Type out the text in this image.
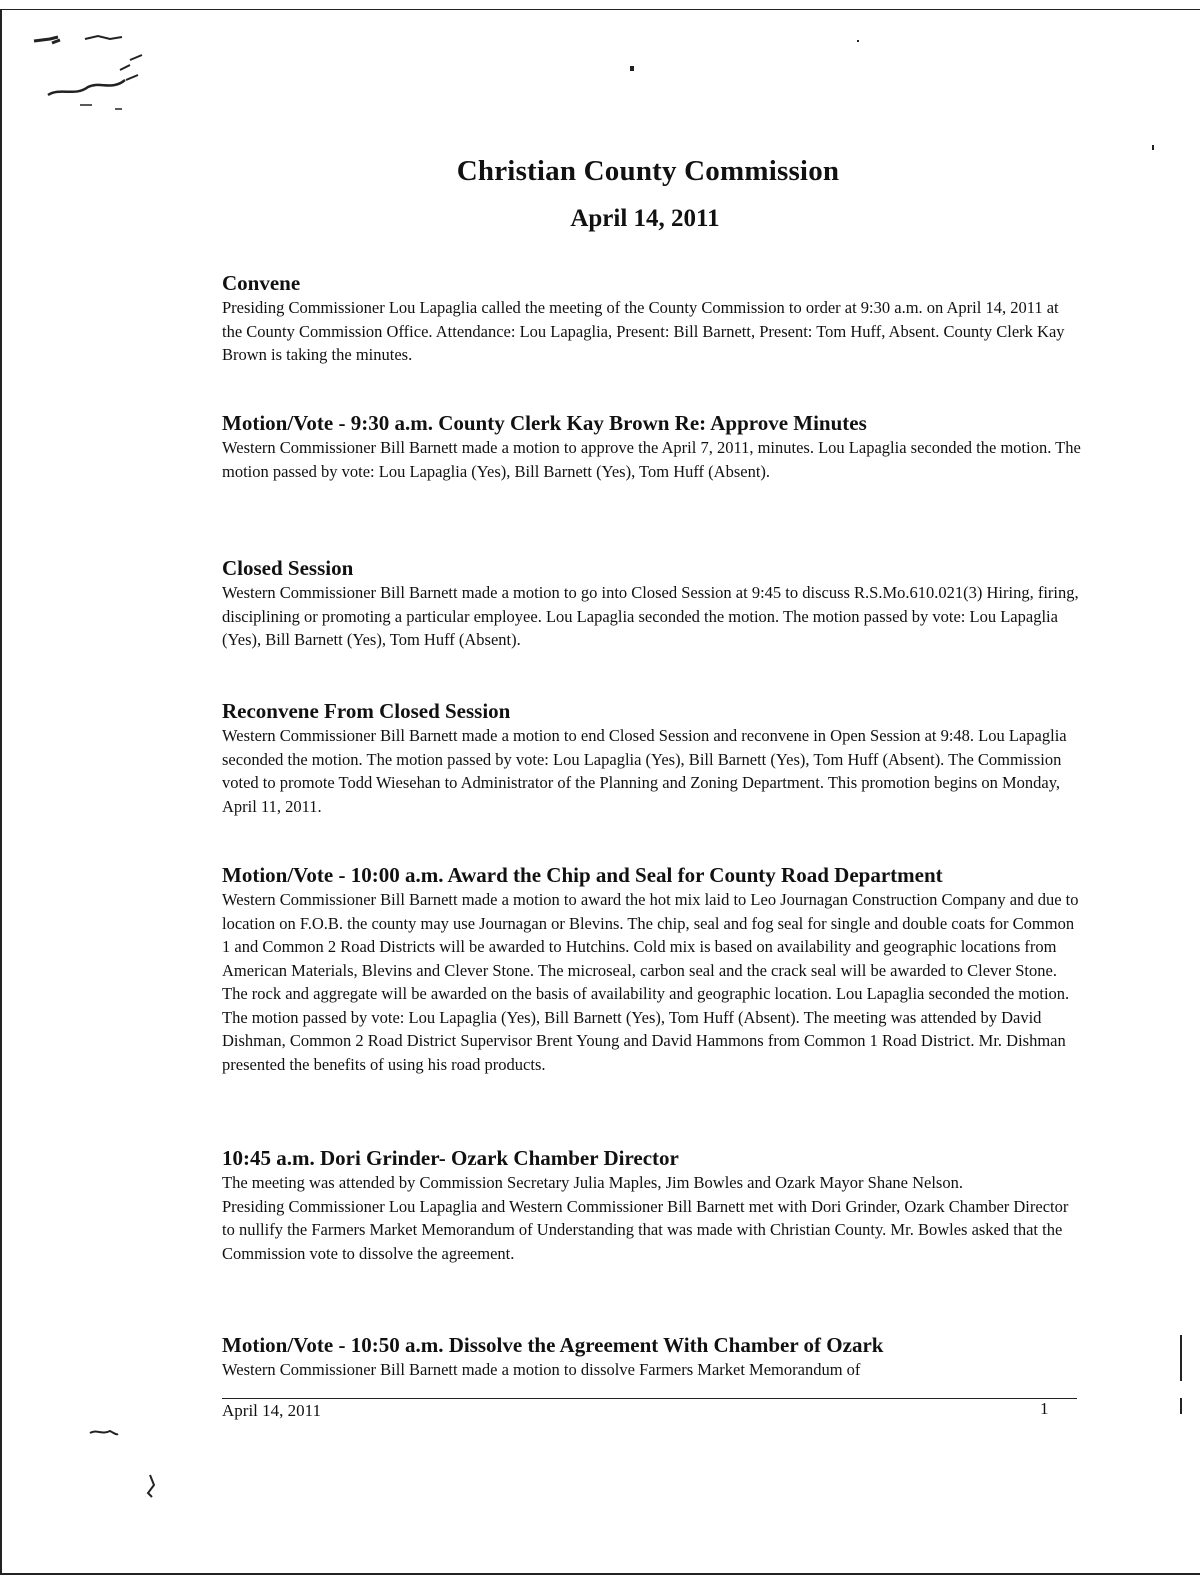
Christian County Commission
April 14, 2011
Convene

Presiding Commissioner Lou Lapaglia called the meeting of the County Commission to order at 9:30 a.m. on April 14, 2011 at the County Commission Office. Attendance: Lou Lapaglia, Present: Bill Barnett, Present: Tom Huff, Absent. County Clerk Kay Brown is taking the minutes.

Motion/Vote - 9:30 a.m. County Clerk Kay Brown Re: Approve Minutes

Western Commissioner Bill Barnett made a motion to approve the April 7, 2011, minutes. Lou Lapaglia seconded the motion. The motion passed by vote: Lou Lapaglia (Yes), Bill Barnett (Yes), Tom Huff (Absent).

Closed Session

Western Commissioner Bill Barnett made a motion to go into Closed Session at 9:45 to discuss R.S.Mo.610.021(3) Hiring, firing, disciplining or promoting a particular employee. Lou Lapaglia seconded the motion. The motion passed by vote: Lou Lapaglia (Yes), Bill Barnett (Yes), Tom Huff (Absent).

Reconvene From Closed Session

Western Commissioner Bill Barnett made a motion to end Closed Session and reconvene in Open Session at 9:48. Lou Lapaglia seconded the motion. The motion passed by vote: Lou Lapaglia (Yes), Bill Barnett (Yes), Tom Huff (Absent). The Commission voted to promote Todd Wiesehan to Administrator of the Planning and Zoning Department. This promotion begins on Monday, April 11, 2011.

Motion/Vote - 10:00 a.m. Award the Chip and Seal for County Road Department

Western Commissioner Bill Barnett made a motion to award the hot mix laid to Leo Journagan Construction Company and due to location on F.O.B. the county may use Journagan or Blevins. The chip, seal and fog seal for single and double coats for Common 1 and Common 2 Road Districts will be awarded to Hutchins. Cold mix is based on availability and geographic locations from American Materials, Blevins and Clever Stone. The microseal, carbon seal and the crack seal will be awarded to Clever Stone. The rock and aggregate will be awarded on the basis of availability and geographic location. Lou Lapaglia seconded the motion. The motion passed by vote: Lou Lapaglia (Yes), Bill Barnett (Yes), Tom Huff (Absent). The meeting was attended by David Dishman, Common 2 Road District Supervisor Brent Young and David Hammons from Common 1 Road District. Mr. Dishman presented the benefits of using his road products.

10:45 a.m. Dori Grinder- Ozark Chamber Director

The meeting was attended by Commission Secretary Julia Maples, Jim Bowles and Ozark Mayor Shane Nelson.

Presiding Commissioner Lou Lapaglia and Western Commissioner Bill Barnett met with Dori Grinder, Ozark Chamber Director to nullify the Farmers Market Memorandum of Understanding that was made with Christian County. Mr. Bowles asked that the Commission vote to dissolve the agreement.

Motion/Vote - 10:50 a.m. Dissolve the Agreement With Chamber of Ozark

Western Commissioner Bill Barnett made a motion to dissolve Farmers Market Memorandum of

April 14, 2011	1
